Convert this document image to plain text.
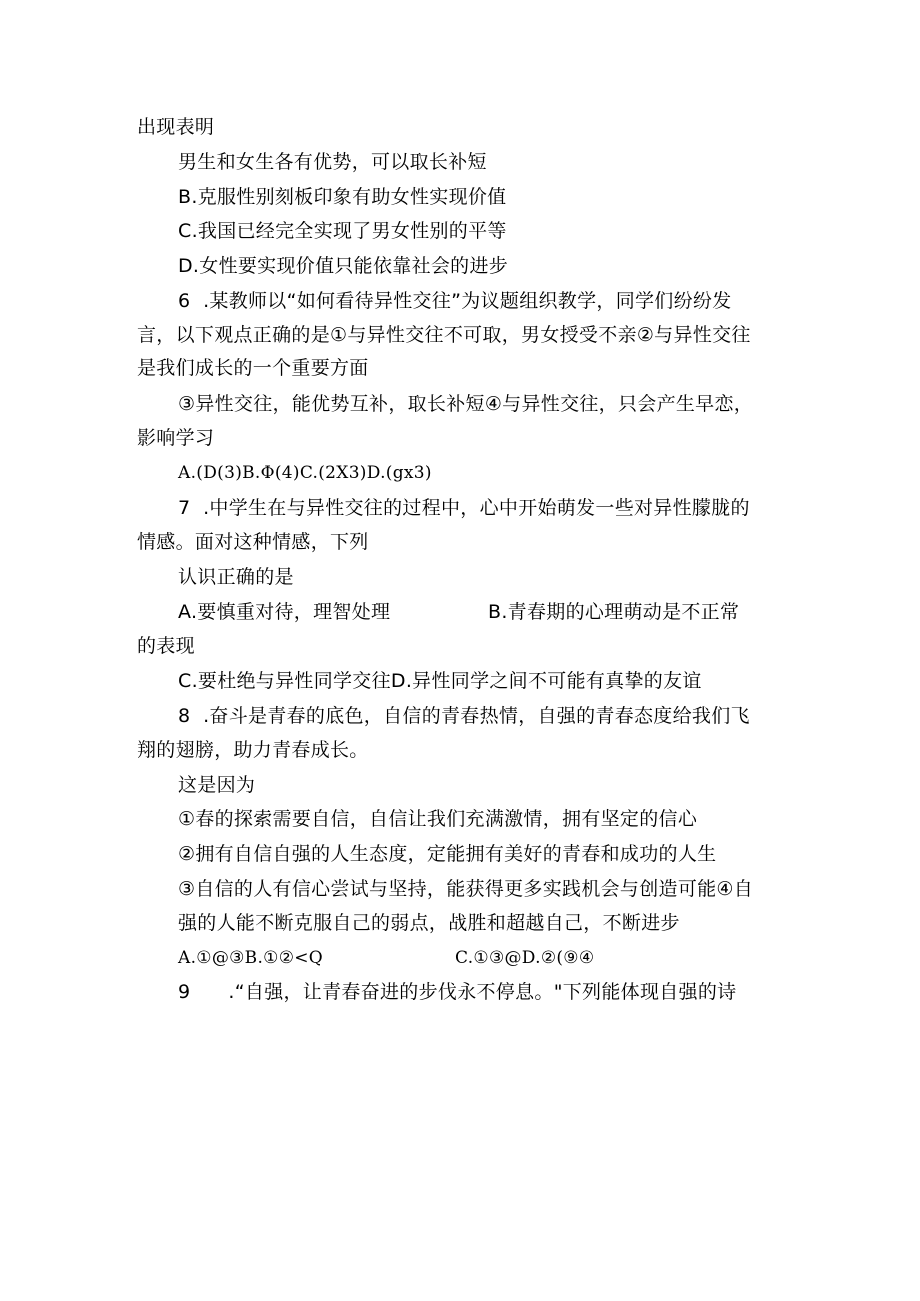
出现表明
男生和女生各有优势，可以取长补短
B.克服性别刻板印象有助女性实现价值
C.我国已经完全实现了男女性别的平等
D.女性要实现价值只能依靠社会的进步
6  .某教师以“如何看待异性交往”为议题组织教学，同学们纷纷发
言，以下观点正确的是①与异性交往不可取，男女授受不亲②与异性交往
是我们成长的一个重要方面
③异性交往，能优势互补，取长补短④与异性交往，只会产生早恋，
影响学习
A.(D(3)B.Φ(4)C.(2X3)D.(gx3)
7  .中学生在与异性交往的过程中，心中开始萌发一些对异性朦胧的
情感。面对这种情感，下列
认识正确的是
A.要慎重对待，理智处理	B.青春期的心理萌动是不正常
的表现
C.要杜绝与异性同学交往D.异性同学之间不可能有真挚的友谊
8  .奋斗是青春的底色，自信的青春热情，自强的青春态度给我们飞
翔的翅膀，助力青春成长。
这是因为
①春的探索需要自信，自信让我们充满激情，拥有坚定的信心
②拥有自信自强的人生态度，定能拥有美好的青春和成功的人生
③自信的人有信心尝试与坚持，能获得更多实践机会与创造可能④自
强的人能不断克服自己的弱点，战胜和超越自己，不断进步
A.①@③B.①②<Q	C.①③@D.②(⑨④
9      .“自强，让青春奋进的步伐永不停息。"下列能体现自强的诗
